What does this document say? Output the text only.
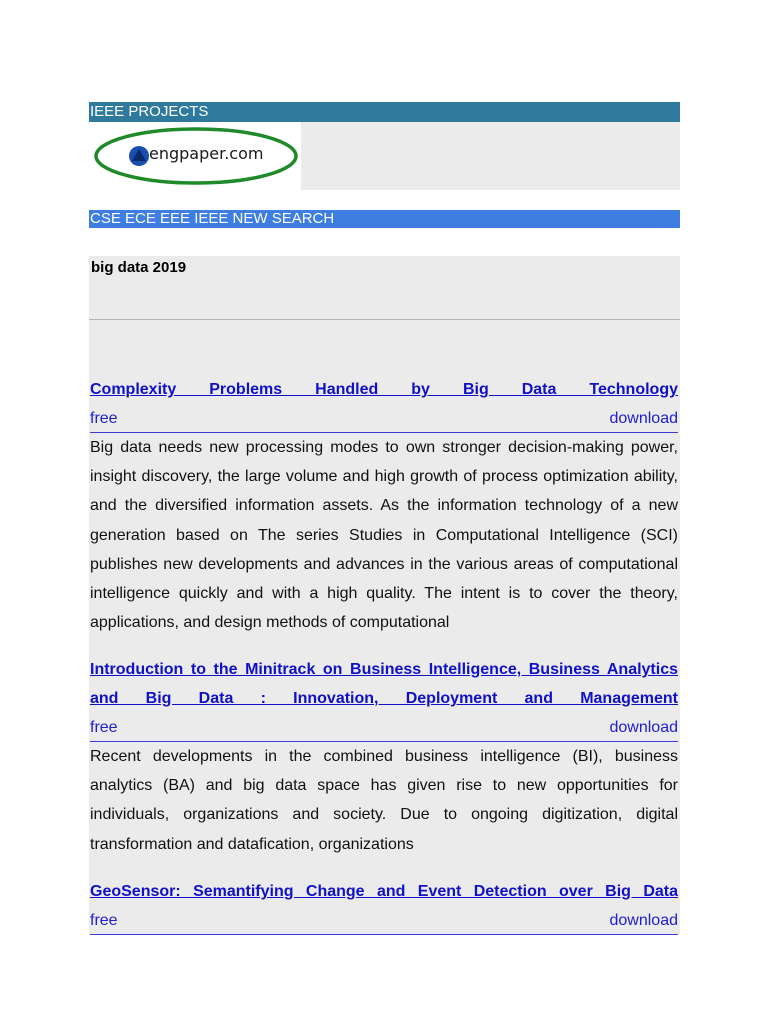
IEEE PROJECTS
engpaper.com
CSE ECE EEE IEEE NEW SEARCH
big data 2019
Complexity Problems Handled by Big Data Technology
free	download
Big data needs new processing modes to own stronger decision-making power, insight discovery, the large volume and high growth of process optimization ability, and the diversified information assets. As the information technology of a new generation based on The series Studies in Computational Intelligence (SCI) publishes new developments and advances in the various areas of computational intelligence quickly and with a high quality. The intent is to cover the theory, applications, and design methods of computational
Introduction to the Minitrack on Business Intelligence, Business Analytics and Big Data : Innovation, Deployment and Management
free	download
Recent developments in the combined business intelligence (BI), business analytics (BA) and big data space has given rise to new opportunities for individuals, organizations and society. Due to ongoing digitization, digital transformation and datafication, organizations
GeoSensor: Semantifying Change and Event Detection over Big Data
free	download
